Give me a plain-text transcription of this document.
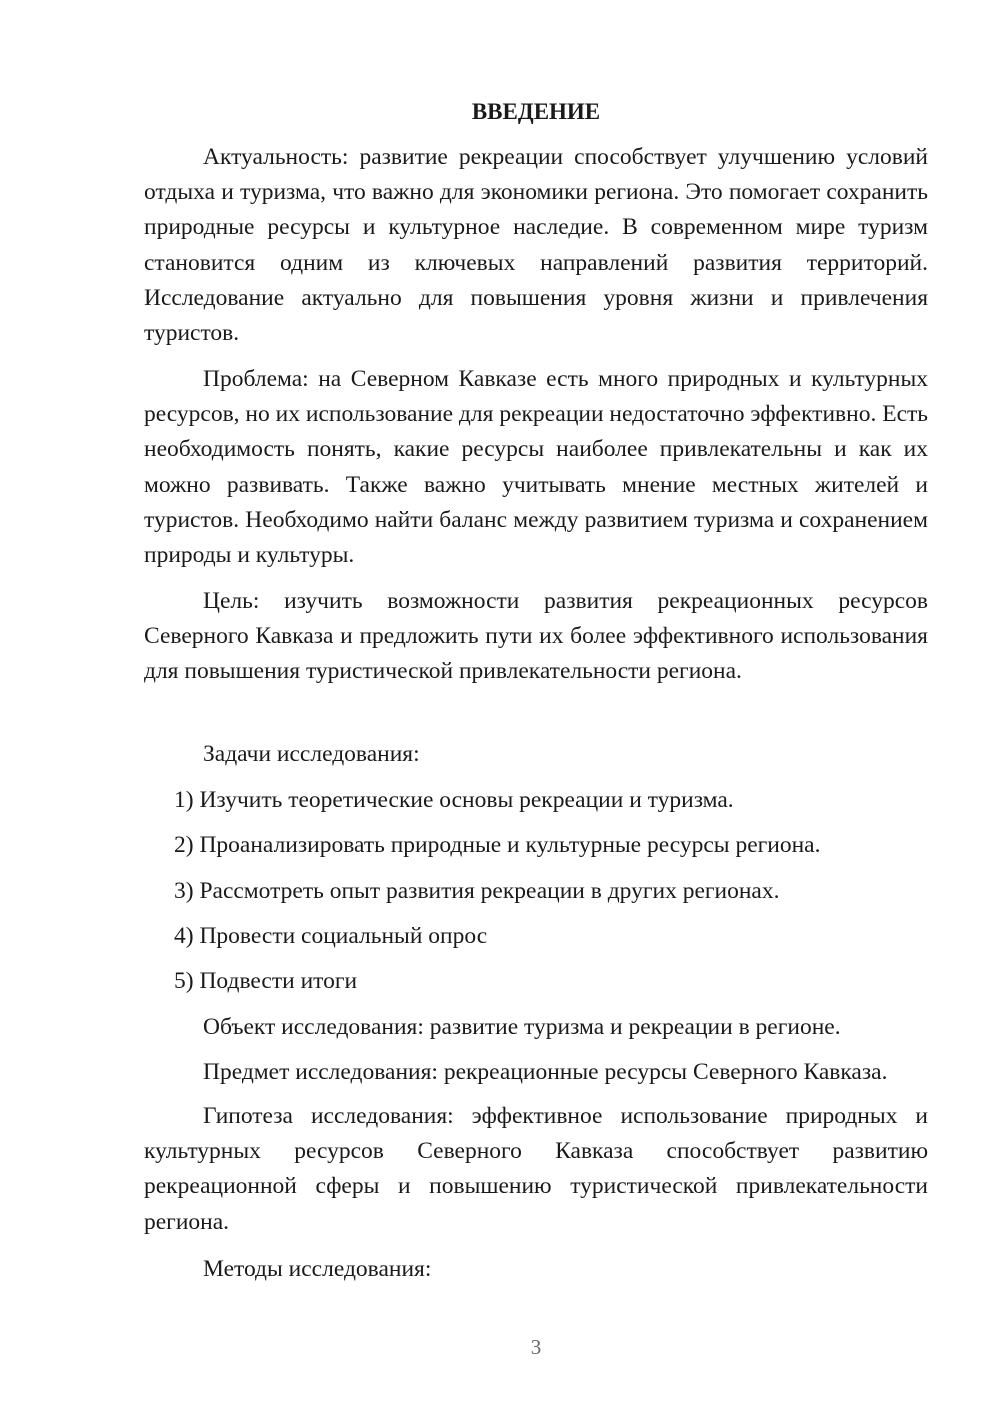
ВВЕДЕНИЕ

Актуальность: развитие рекреации способствует улучшению условий отдыха и туризма, что важно для экономики региона. Это помогает сохранить природные ресурсы и культурное наследие. В современном мире туризм становится одним из ключевых направлений развития территорий. Исследование актуально для повышения уровня жизни и привлечения туристов.

Проблема: на Северном Кавказе есть много природных и культурных ресурсов, но их использование для рекреации недостаточно эффективно. Есть необходимость понять, какие ресурсы наиболее привлекательны и как их можно развивать. Также важно учитывать мнение местных жителей и туристов. Необходимо найти баланс между развитием туризма и сохранением природы и культуры.

Цель: изучить возможности развития рекреационных ресурсов Северного Кавказа и предложить пути их более эффективного использования для повышения туристической привлекательности региона.

Задачи исследования:
1) Изучить теоретические основы рекреации и туризма.
2) Проанализировать природные и культурные ресурсы региона.
3) Рассмотреть опыт развития рекреации в других регионах.
4) Провести социальный опрос
5) Подвести итоги
Объект исследования: развитие туризма и рекреации в регионе.
Предмет исследования: рекреационные ресурсы Северного Кавказа.

Гипотеза исследования: эффективное использование природных и культурных ресурсов Северного Кавказа способствует развитию рекреационной сферы и повышению туристической привлекательности региона.

Методы исследования:
3
